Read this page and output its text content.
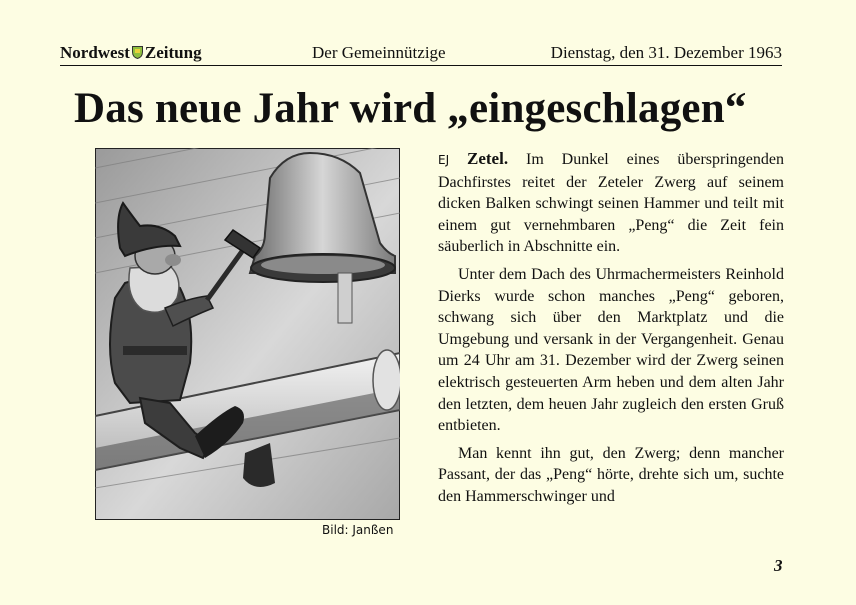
Nordwest Zeitung	Der Gemeinnützige	Dienstag, den 31. Dezember 1963
Das neue Jahr wird „eingeschlagen“
Bild: Janßen

EJ Zetel. Im Dunkel eines überspringenden Dachfirstes reitet der Zeteler Zwerg auf seinem dicken Balken schwingt seinen Hammer und teilt mit einem gut vernehmbaren „Peng“ die Zeit fein säuberlich in Abschnitte ein.

Unter dem Dach des Uhrmachermeisters Reinhold Dierks wurde schon manches „Peng“ geboren, schwang sich über den Marktplatz und die Umgebung und versank in der Vergangenheit. Genau um 24 Uhr am 31. Dezember wird der Zwerg seinen elektrisch gesteuerten Arm heben und dem alten Jahr den letzten, dem heuen Jahr zugleich den ersten Gruß entbieten.

Man kennt ihn gut, den Zwerg; denn mancher Passant, der das „Peng“ hörte, drehte sich um, suchte den Hammerschwinger und

3
